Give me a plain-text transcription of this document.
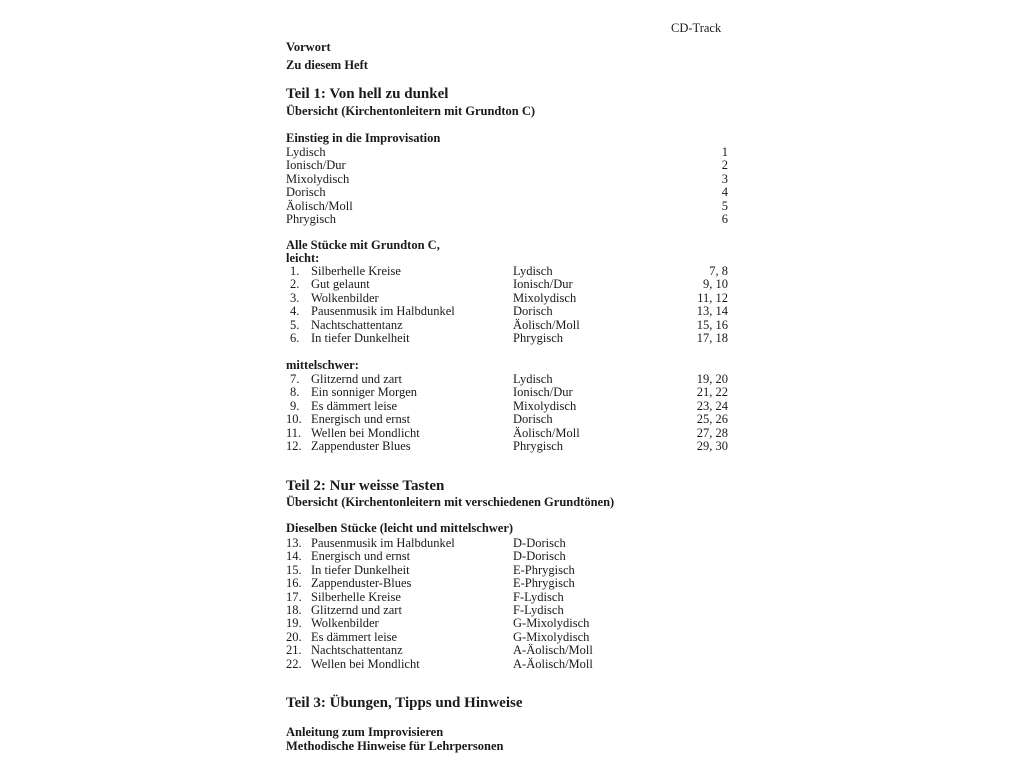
CD-Track
Vorwort
Zu diesem Heft
Teil 1: Von hell zu dunkel
Übersicht (Kirchentonleitern mit Grundton C)
Einstieg in die Improvisation
Lydisch	1
Ionisch/Dur	2
Mixolydisch	3
Dorisch	4
Äolisch/Moll	5
Phrygisch	6
Alle Stücke mit Grundton C,
leicht:
1. Silberhelle Kreise	Lydisch	7, 8
2. Gut gelaunt	Ionisch/Dur	9, 10
3. Wolkenbilder	Mixolydisch	11, 12
4. Pausenmusik im Halbdunkel	Dorisch	13, 14
5. Nachtschattentanz	Äolisch/Moll	15, 16
6. In tiefer Dunkelheit	Phrygisch	17, 18
mittelschwer:
7. Glitzernd und zart	Lydisch	19, 20
8. Ein sonniger Morgen	Ionisch/Dur	21, 22
9. Es dämmert leise	Mixolydisch	23, 24
10. Energisch und ernst	Dorisch	25, 26
11. Wellen bei Mondlicht	Äolisch/Moll	27, 28
12. Zappenduster Blues	Phrygisch	29, 30
Teil 2: Nur weisse Tasten
Übersicht (Kirchentonleitern mit verschiedenen Grundtönen)
Dieselben Stücke (leicht und mittelschwer)
13. Pausenmusik im Halbdunkel	D-Dorisch
14. Energisch und ernst	D-Dorisch
15. In tiefer Dunkelheit	E-Phrygisch
16. Zappenduster-Blues	E-Phrygisch
17. Silberhelle Kreise	F-Lydisch
18. Glitzernd und zart	F-Lydisch
19. Wolkenbilder	G-Mixolydisch
20. Es dämmert leise	G-Mixolydisch
21. Nachtschattentanz	A-Äolisch/Moll
22. Wellen bei Mondlicht	A-Äolisch/Moll
Teil 3: Übungen, Tipps und Hinweise
Anleitung zum Improvisieren
Methodische Hinweise für Lehrpersonen
